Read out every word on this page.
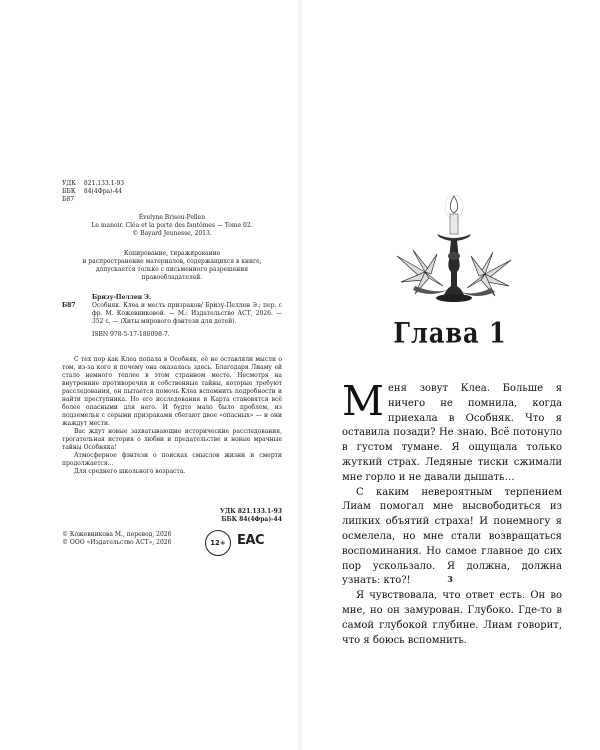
УДК 821.133.1-93
ББК 84(4Фра)-44
Б87
Évelyne Brisou-Pellen
Le manoir. Cléa et la porte des fantômes — Tome 02.
© Bayard Jeunesse, 2013.
Копирование, тиражирование
и распространение материалов, содержащихся в книге,
допускается только с письменного разрешения
правообладателей.
Б87
Бризу-Пеллен Э.
Особняк. Клеа и месть призраков/ Бризу-Пеллен Э.; пер. с фр. М. Кожевниковой. — М.: Издательство АСТ, 2026. — 352 с. — (Хиты мирового фэнтези для детей).
ISBN 978-5-17-180098-7.

С тех пор как Клеа попала в Особняк, её не оставляли мысли о том, из-за кого и почему она оказалась здесь. Благодаря Лиаму ей стало немного теплее в этом странном месте. Несмотря на внутренние противоречия и собственные тайны, которые требуют расследования, он пытается помочь Клеа вспомнить подробности и найти преступника. Но его исследования и Карта становятся всё более опасными для него. И будто мало было проблем, из подземелья с серыми призраками сбегают двое «опасных» — и они жаждут мести.

Вас ждут новые захватывающие исторические расследования, трогательная история о любви и предательстве и новые мрачные тайны Особняка!

Атмосферное фэнтези о поисках смыслов жизни и смерти продолжается…

Для среднего школьного возраста.

УДК 821.133.1-93
ББК 84(4Фра)-44
12+ EAC
© Кожевникова М., перевод, 2026
© ООО «Издательство АСТ», 2026
Глава 1

Меня зовут Клеа. Больше я ничего не помнила, когда приехала в Особняк. Что я оставила позади? Не знаю. Всё потонуло в густом тумане. Я ощущала только жуткий страх. Ледяные тиски сжимали мне горло и не давали дышать…

С каким невероятным терпением Лиам помогал мне высвободиться из липких объятий страха! И понемногу я осмелела, но мне стали возвращаться воспоминания. Но самое главное до сих пор ускользало. Я должна, должна узнать: кто?!

Я чувствовала, что ответ есть. Он во мне, но он замурован. Глубоко. Где-то в самой глубокой глубине. Лиам говорит, что я боюсь вспомнить.

3
